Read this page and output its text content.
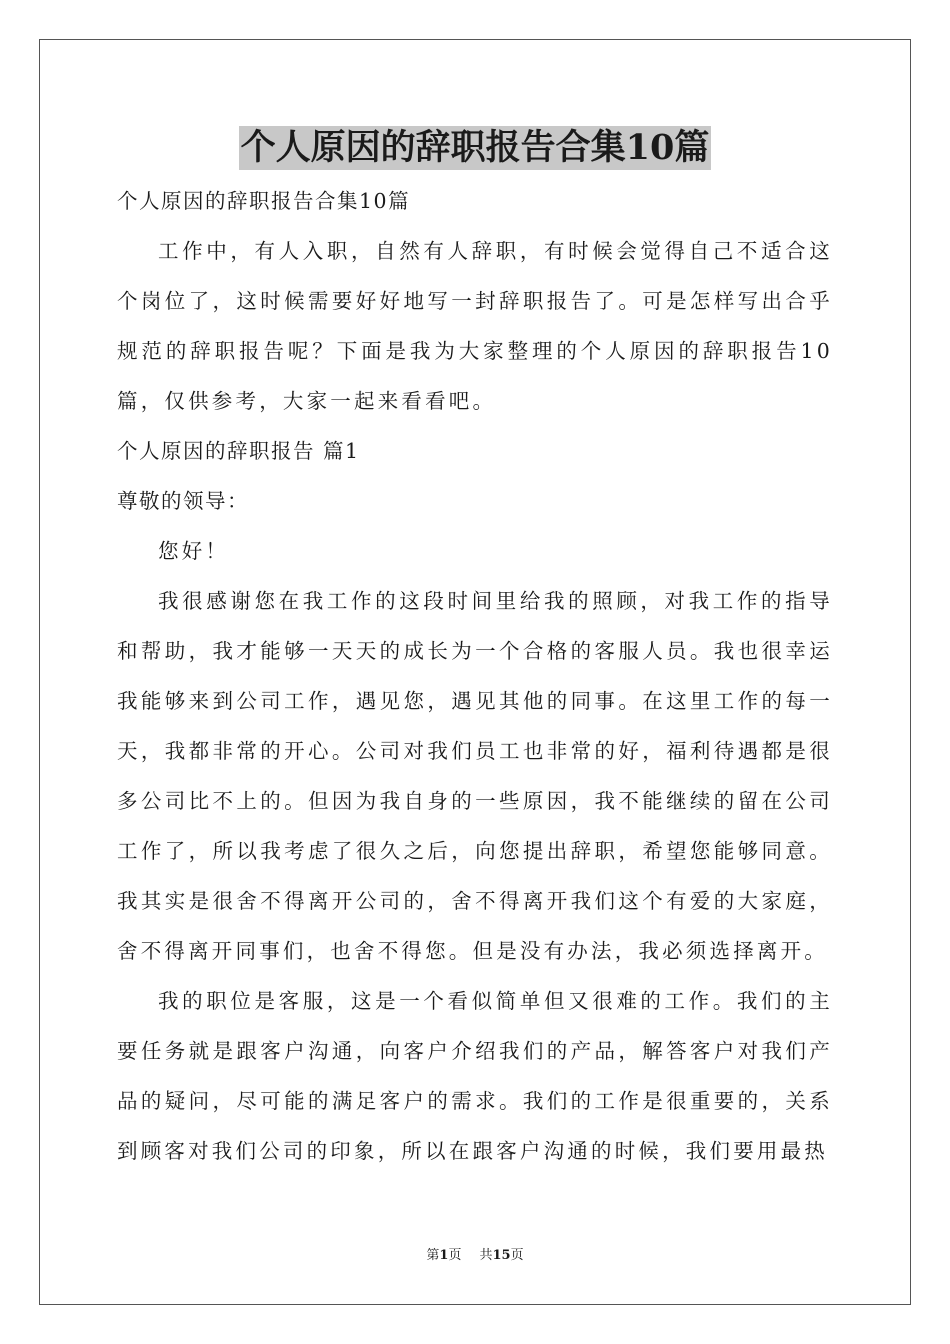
个人原因的辞职报告合集10篇
个人原因的辞职报告合集10篇

工作中，有人入职，自然有人辞职，有时候会觉得自己不适合这个岗位了，这时候需要好好地写一封辞职报告了。可是怎样写出合乎规范的辞职报告呢？下面是我为大家整理的个人原因的辞职报告10篇，仅供参考，大家一起来看看吧。

个人原因的辞职报告 篇1
尊敬的领导：

您好！

我很感谢您在我工作的这段时间里给我的照顾，对我工作的指导和帮助，我才能够一天天的成长为一个合格的客服人员。我也很幸运我能够来到公司工作，遇见您，遇见其他的同事。在这里工作的每一天，我都非常的开心。公司对我们员工也非常的好，福利待遇都是很多公司比不上的。但因为我自身的一些原因，我不能继续的留在公司工作了，所以我考虑了很久之后，向您提出辞职，希望您能够同意。我其实是很舍不得离开公司的，舍不得离开我们这个有爱的大家庭，舍不得离开同事们，也舍不得您。但是没有办法，我必须选择离开。

我的职位是客服，这是一个看似简单但又很难的工作。我们的主要任务就是跟客户沟通，向客户介绍我们的产品，解答客户对我们产品的疑问，尽可能的满足客户的需求。我们的工作是很重要的，关系到顾客对我们公司的印象，所以在跟客户沟通的时候，我们要用最热

第1页 共15页
